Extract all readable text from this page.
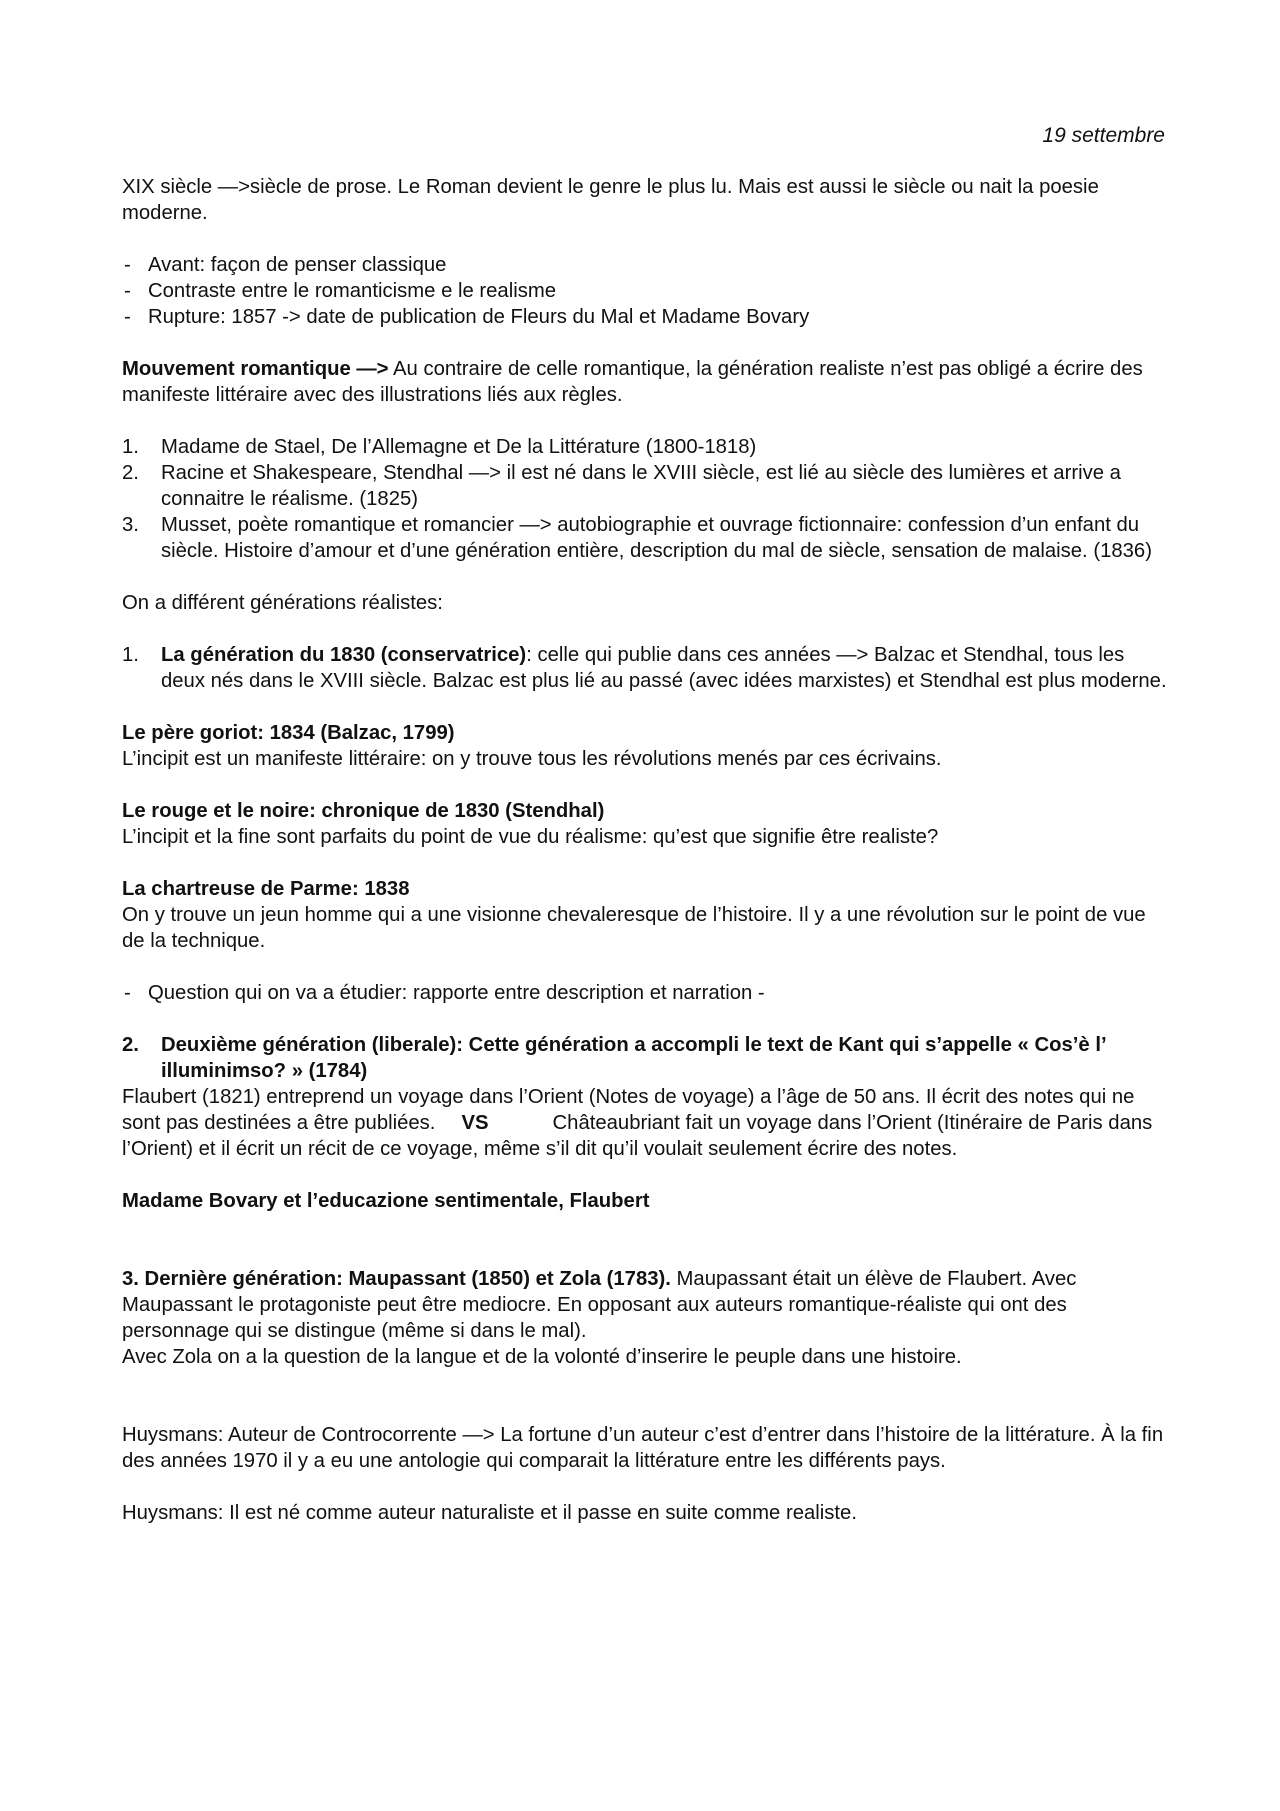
19 settembre

XIX siècle —>siècle de prose. Le Roman devient le genre le plus lu. Mais est aussi le siècle ou nait la poesie moderne.

- Avant: façon de penser classique
- Contraste entre le romanticisme e le realisme
- Rupture: 1857 -> date de publication de Fleurs du Mal et Madame Bovary

Mouvement romantique —> Au contraire de celle romantique, la génération realiste n’est pas obligé a écrire des manifeste littéraire avec des illustrations liés aux règles.

1. Madame de Stael, De l’Allemagne et De la Littérature (1800-1818)
2. Racine et Shakespeare, Stendhal —> il est né dans le XVIII siècle, est lié au siècle des lumières et arrive a connaitre le réalisme. (1825)
3. Musset, poète romantique et romancier —> autobiographie et ouvrage fictionnaire: confession d’un enfant du siècle. Histoire d’amour et d’une génération entière, description du mal de siècle, sensation de malaise. (1836)

On a différent générations réalistes:

1. La génération du 1830 (conservatrice): celle qui publie dans ces années —> Balzac et Stendhal, tous les deux nés dans le XVIII siècle. Balzac est plus lié au passé (avec idées marxistes) et Stendhal est plus moderne.

Le père goriot: 1834 (Balzac, 1799)

L’incipit est un manifeste littéraire: on y trouve tous les révolutions menés par ces écrivains.

Le rouge et le noire: chronique de 1830 (Stendhal)

L’incipit et la fine sont parfaits du point de vue du réalisme: qu’est que signifie être realiste?

La chartreuse de Parme: 1838

On y trouve un jeun homme qui a une visionne chevaleresque de l’histoire. Il y a une révolution sur le point de vue de la technique.

- Question qui on va a étudier: rapporte entre description et narration -
2. Deuxième génération (liberale): Cette génération a accompli le text de Kant qui s’appelle « Cos’è l’ illuminimso? » (1784)

Flaubert (1821) entreprend un voyage dans l’Orient (Notes de voyage) a l’âge de 50 ans. Il écrit des notes qui ne sont pas destinées a être publiées. VS	Châteaubriant fait un voyage dans l’Orient (Itinéraire de Paris dans l’Orient) et il écrit un récit de ce voyage, même s’il dit qu’il voulait seulement écrire des notes.

Madame Bovary et l’educazione sentimentale, Flaubert

3. Dernière génération: Maupassant (1850) et Zola (1783). Maupassant était un élève de Flaubert. Avec Maupassant le protagoniste peut être mediocre. En opposant aux auteurs romantique-réaliste qui ont des personnage qui se distingue (même si dans le mal).

Avec Zola on a la question de la langue et de la volonté d’inserire le peuple dans une histoire.

Huysmans: Auteur de Controcorrente —> La fortune d’un auteur c’est d’entrer dans l’histoire de la littérature. À la fin des années 1970 il y a eu une antologie qui comparait la littérature entre les différents pays.

Huysmans: Il est né comme auteur naturaliste et il passe en suite comme realiste.
